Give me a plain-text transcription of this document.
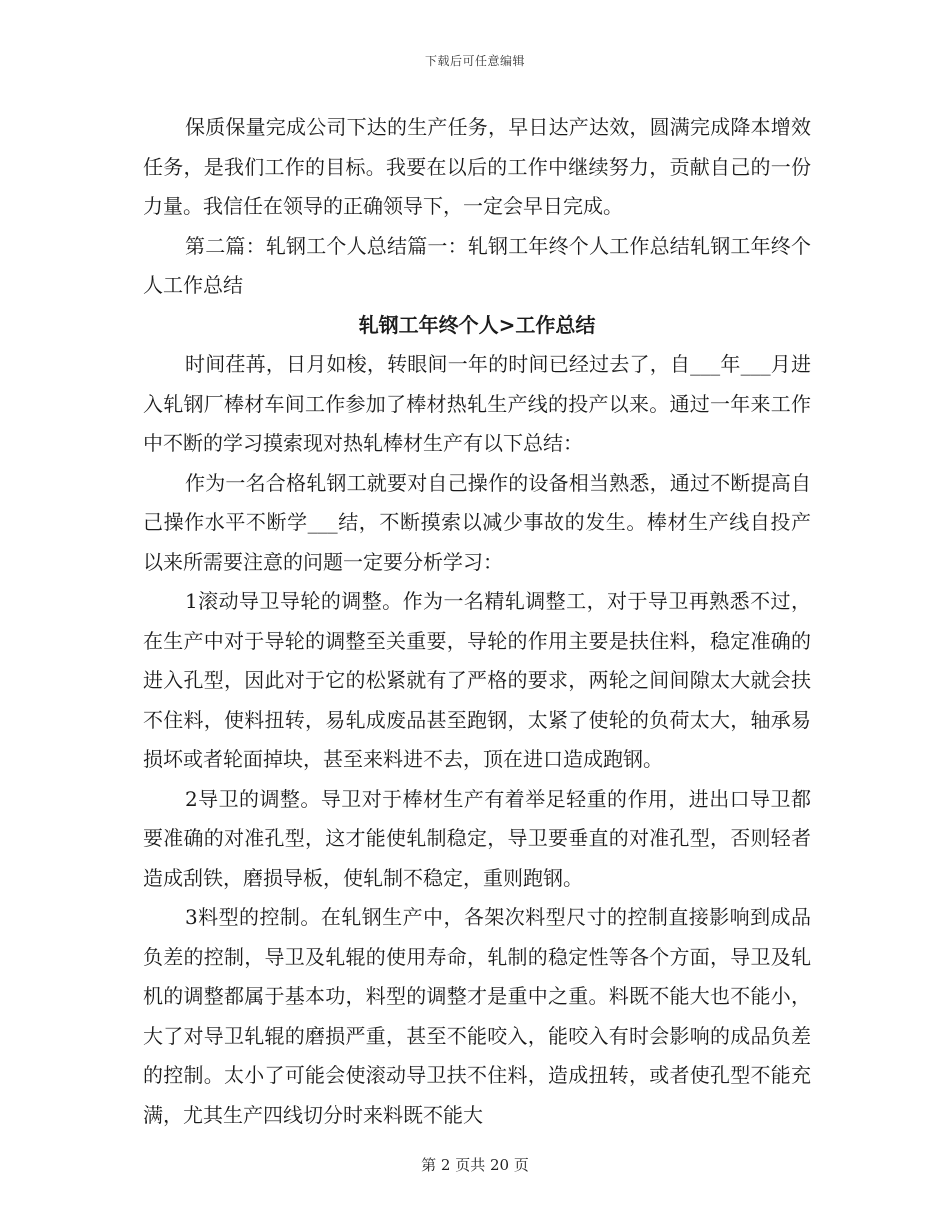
下载后可任意编辑

保质保量完成公司下达的生产任务，早日达产达效，圆满完成降本增效任务，是我们工作的目标。我要在以后的工作中继续努力，贡献自己的一份力量。我信任在领导的正确领导下，一定会早日完成。

第二篇：轧钢工个人总结篇一：轧钢工年终个人工作总结轧钢工年终个人工作总结

轧钢工年终个人>工作总结

时间荏苒，日月如梭，转眼间一年的时间已经过去了，自___年___月进入轧钢厂棒材车间工作参加了棒材热轧生产线的投产以来。通过一年来工作中不断的学习摸索现对热轧棒材生产有以下总结：

作为一名合格轧钢工就要对自己操作的设备相当熟悉，通过不断提高自己操作水平不断学___结，不断摸索以减少事故的发生。棒材生产线自投产以来所需要注意的问题一定要分析学习：

1滚动导卫导轮的调整。作为一名精轧调整工，对于导卫再熟悉不过，在生产中对于导轮的调整至关重要，导轮的作用主要是扶住料，稳定准确的进入孔型，因此对于它的松紧就有了严格的要求，两轮之间间隙太大就会扶不住料，使料扭转，易轧成废品甚至跑钢，太紧了使轮的负荷太大，轴承易损坏或者轮面掉块，甚至来料进不去，顶在进口造成跑钢。

2导卫的调整。导卫对于棒材生产有着举足轻重的作用，进出口导卫都要准确的对准孔型，这才能使轧制稳定，导卫要垂直的对准孔型，否则轻者造成刮铁，磨损导板，使轧制不稳定，重则跑钢。

3料型的控制。在轧钢生产中，各架次料型尺寸的控制直接影响到成品负差的控制，导卫及轧辊的使用寿命，轧制的稳定性等各个方面，导卫及轧机的调整都属于基本功，料型的调整才是重中之重。料既不能大也不能小，大了对导卫轧辊的磨损严重，甚至不能咬入，能咬入有时会影响的成品负差的控制。太小了可能会使滚动导卫扶不住料，造成扭转，或者使孔型不能充满，尤其生产四线切分时来料既不能大

第 2 页共 20 页
